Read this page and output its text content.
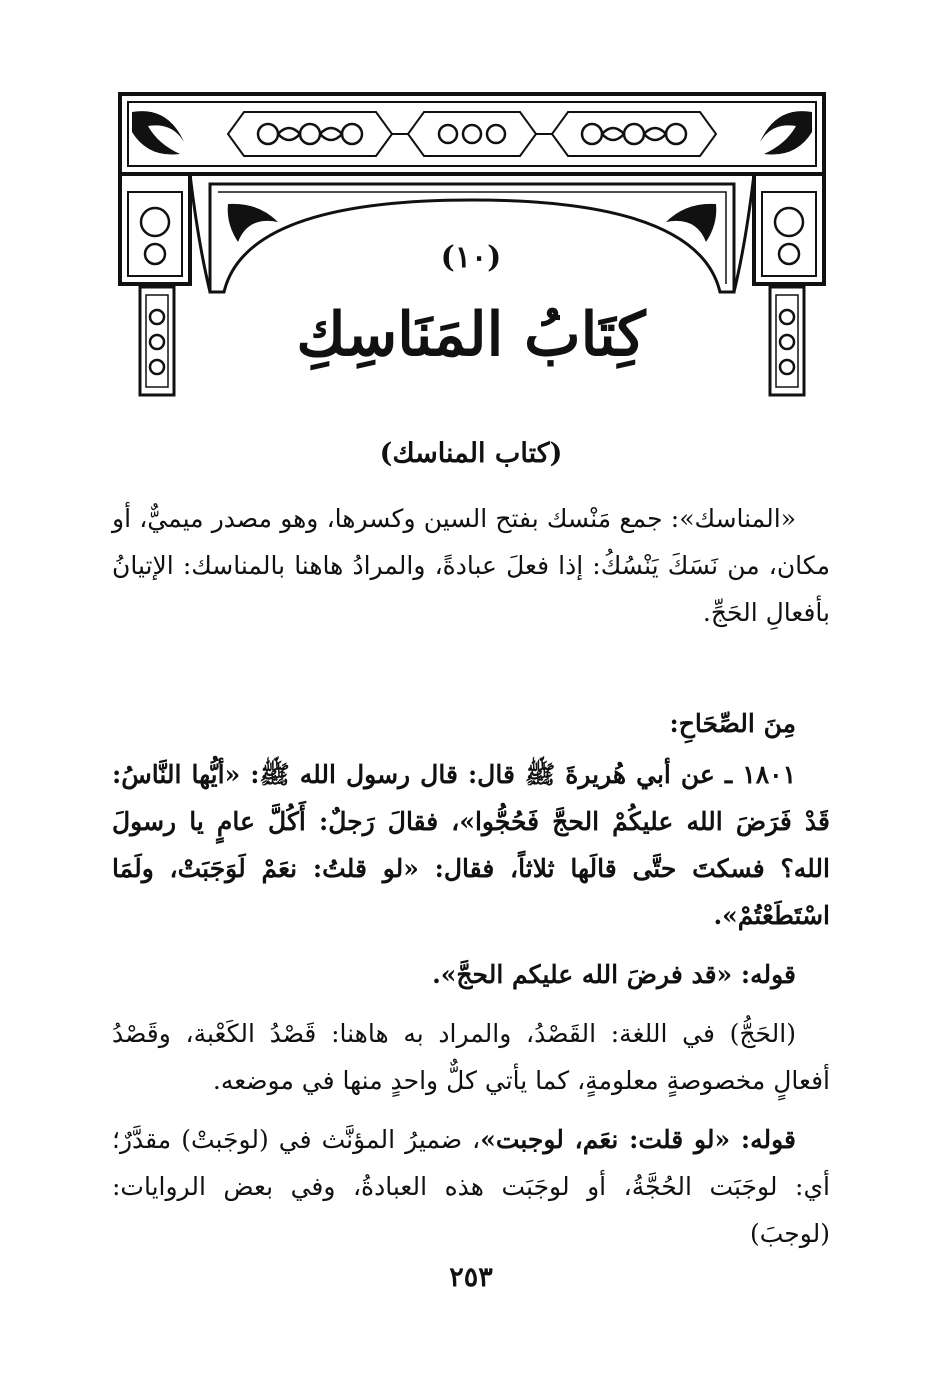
(١٠)
كِتَابُ المَنَاسِكِ
(كتاب المناسك)

«المناسك»: جمع مَنْسك بفتح السين وكسرها، وهو مصدر ميميٌّ، أو مكان، من نَسَكَ يَنْسُكُ: إذا فعلَ عبادةً، والمرادُ هاهنا بالمناسك: الإتيانُ بأفعالِ الحَجِّ.

مِنَ الصِّحَاحِ:

١٨٠١ ـ عن أبي هُريرةَ ﷺ قال: قال رسول الله ﷺ: «أيُّها النَّاسُ: قَدْ فَرَضَ الله عليكُمْ الحجَّ فَحُجُّوا»، فقالَ رَجلٌ: أَكُلَّ عامٍ يا رسولَ الله؟ فسكتَ حتَّى قالَها ثلاثاً، فقال: «لو قلتُ: نعَمْ لَوَجَبَتْ، ولَمَا اسْتَطَعْتُمْ».

قوله: «قد فرضَ الله عليكم الحجَّ».

(الحَجُّ) في اللغة: القَصْدُ، والمراد به هاهنا: قَصْدُ الكَعْبة، وقَصْدُ أفعالٍ مخصوصةٍ معلومةٍ، كما يأتي كلٌّ واحدٍ منها في موضعه.

قوله: «لو قلت: نعَم، لوجبت»، ضميرُ المؤنَّث في (لوجَبتْ) مقدَّرٌ؛ أي: لوجَبَت الحُجَّةُ، أو لوجَبَت هذه العبادةُ، وفي بعض الروايات: (لوجبَ)

٢٥٣
